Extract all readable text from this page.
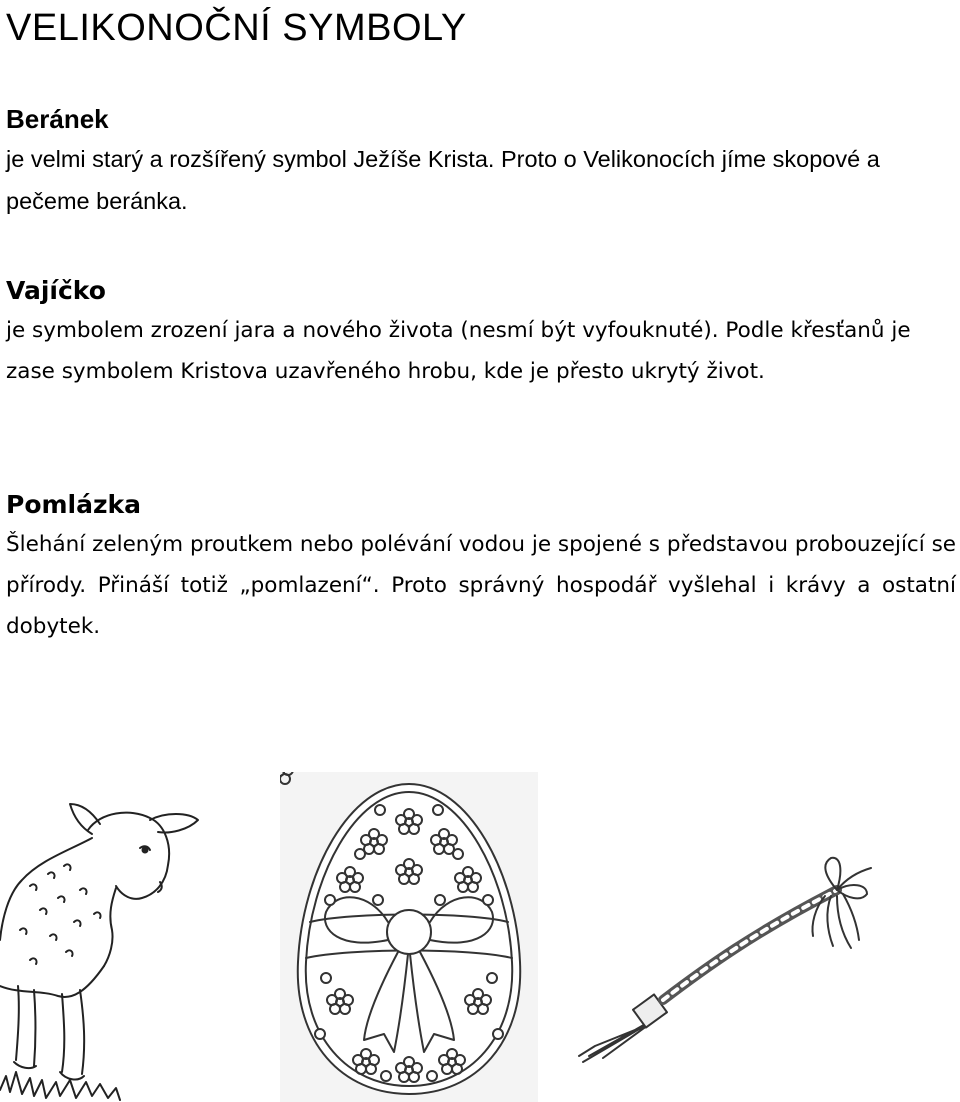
VELIKONOČNÍ SYMBOLY
Beránek

je velmi starý a rozšířený symbol Ježíše Krista. Proto o Velikonocích jíme skopové a pečeme beránka.

Vajíčko

je symbolem zrození jara a nového života (nesmí být vyfouknuté). Podle křesťanů je zase symbolem Kristova uzavřeného hrobu, kde je přesto ukrytý život.

Pomlázka

Šlehání zeleným proutkem nebo polévání vodou je spojené s představou probouzející se přírody. Přináší totiž „pomlazení“. Proto správný hospodář vyšlehal i krávy a ostatní dobytek.
